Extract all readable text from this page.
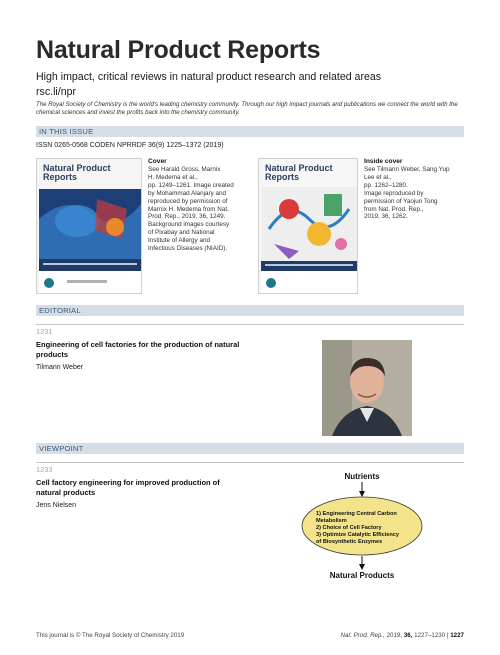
Natural Product Reports
High impact, critical reviews in natural product research and related areas
rsc.li/npr
The Royal Society of Chemistry is the world's leading chemistry community. Through our high impact journals and publications we connect the world with the chemical sciences and invest the profits back into the chemistry community.
IN THIS ISSUE
ISSN 0265-0568 CODEN NPRRDF 36(9) 1225–1372 (2019)
Natural Product Reports
Cover
See Harald Gross, Marnix
H. Medema et al.,
pp. 1249–1261. Image created
by Mohammad Alanjary and
reproduced by permission of
Marnix H. Medema from Nat.
Prod. Rep., 2019, 36, 1249.
Background images courtesy
of Pixabay and National
Institute of Allergy and
Infectious Diseases (NIAID).
Natural Product Reports
Inside cover
See Tilmann Weber, Sang Yup
Lee et al.,
pp. 1262–1280.
Image reproduced by
permission of Yaojun Tong
from Nat. Prod. Rep.,
2019, 36, 1262.
EDITORIAL
1231
Engineering of cell factories for the production of natural products
Tilmann Weber
VIEWPOINT
1233
Cell factory engineering for improved production of natural products
Jens Nielsen
Nutrients
1) Engineering Central Carbon
Metabolism
2) Choice of Cell Factory
3) Optimize Catalytic Efficiency
of Biosynthetic Enzymes
Natural Products
This journal is © The Royal Society of Chemistry 2019	Nat. Prod. Rep., 2019, 36, 1227–1230 | 1227
